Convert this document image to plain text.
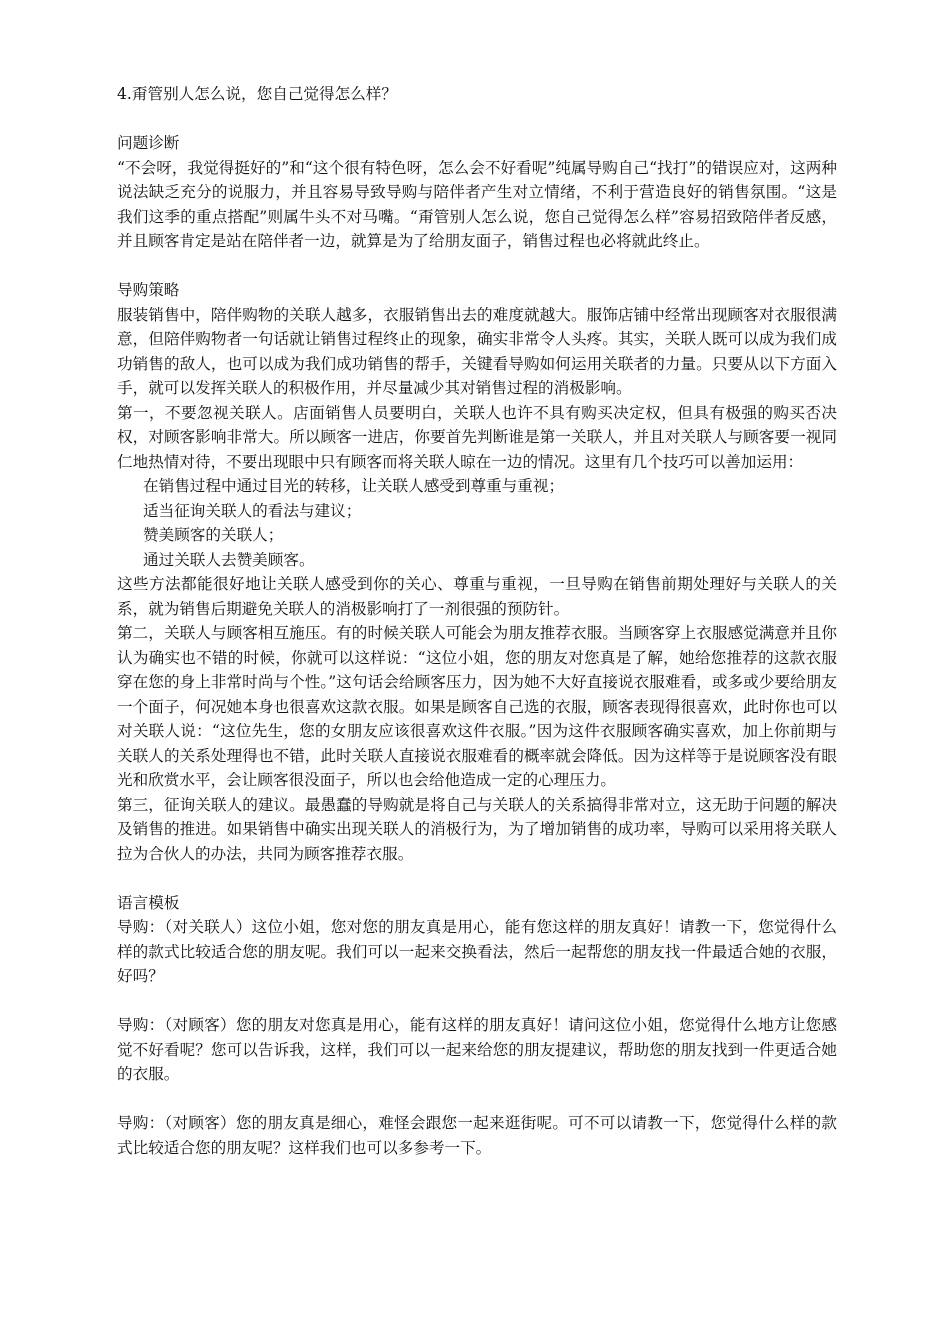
4.甭管别人怎么说，您自己觉得怎么样？

问题诊断

“不会呀，我觉得挺好的”和“这个很有特色呀，怎么会不好看呢”纯属导购自己“找打”的错误应对，这两种说法缺乏充分的说服力，并且容易导致导购与陪伴者产生对立情绪，不利于营造良好的销售氛围。“这是我们这季的重点搭配”则属牛头不对马嘴。“甭管别人怎么说，您自己觉得怎么样”容易招致陪伴者反感，并且顾客肯定是站在陪伴者一边，就算是为了给朋友面子，销售过程也必将就此终止。

导购策略

服装销售中，陪伴购物的关联人越多，衣服销售出去的难度就越大。服饰店铺中经常出现顾客对衣服很满意，但陪伴购物者一句话就让销售过程终止的现象，确实非常令人头疼。其实，关联人既可以成为我们成功销售的敌人，也可以成为我们成功销售的帮手，关键看导购如何运用关联者的力量。只要从以下方面入手，就可以发挥关联人的积极作用，并尽量减少其对销售过程的消极影响。

第一，不要忽视关联人。店面销售人员要明白，关联人也许不具有购买决定权，但具有极强的购买否决权，对顾客影响非常大。所以顾客一进店，你要首先判断谁是第一关联人，并且对关联人与顾客要一视同仁地热情对待，不要出现眼中只有顾客而将关联人晾在一边的情况。这里有几个技巧可以善加运用：

在销售过程中通过目光的转移，让关联人感受到尊重与重视；

适当征询关联人的看法与建议；

赞美顾客的关联人；

通过关联人去赞美顾客。

这些方法都能很好地让关联人感受到你的关心、尊重与重视，一旦导购在销售前期处理好与关联人的关系，就为销售后期避免关联人的消极影响打了一剂很强的预防针。

第二，关联人与顾客相互施压。有的时候关联人可能会为朋友推荐衣服。当顾客穿上衣服感觉满意并且你认为确实也不错的时候，你就可以这样说：“这位小姐，您的朋友对您真是了解，她给您推荐的这款衣服穿在您的身上非常时尚与个性。”这句话会给顾客压力，因为她不大好直接说衣服难看，或多或少要给朋友一个面子，何况她本身也很喜欢这款衣服。如果是顾客自己选的衣服，顾客表现得很喜欢，此时你也可以对关联人说：“这位先生，您的女朋友应该很喜欢这件衣服。”因为这件衣服顾客确实喜欢，加上你前期与关联人的关系处理得也不错，此时关联人直接说衣服难看的概率就会降低。因为这样等于是说顾客没有眼光和欣赏水平，会让顾客很没面子，所以也会给他造成一定的心理压力。

第三，征询关联人的建议。最愚蠢的导购就是将自己与关联人的关系搞得非常对立，这无助于问题的解决及销售的推进。如果销售中确实出现关联人的消极行为，为了增加销售的成功率，导购可以采用将关联人拉为合伙人的办法，共同为顾客推荐衣服。

语言模板

导购：（对关联人）这位小姐，您对您的朋友真是用心，能有您这样的朋友真好！请教一下，您觉得什么样的款式比较适合您的朋友呢。我们可以一起来交换看法，然后一起帮您的朋友找一件最适合她的衣服，好吗？

导购：（对顾客）您的朋友对您真是用心，能有这样的朋友真好！请问这位小姐，您觉得什么地方让您感觉不好看呢？您可以告诉我，这样，我们可以一起来给您的朋友提建议，帮助您的朋友找到一件更适合她的衣服。

导购：（对顾客）您的朋友真是细心，难怪会跟您一起来逛街呢。可不可以请教一下，您觉得什么样的款式比较适合您的朋友呢？这样我们也可以多参考一下。
